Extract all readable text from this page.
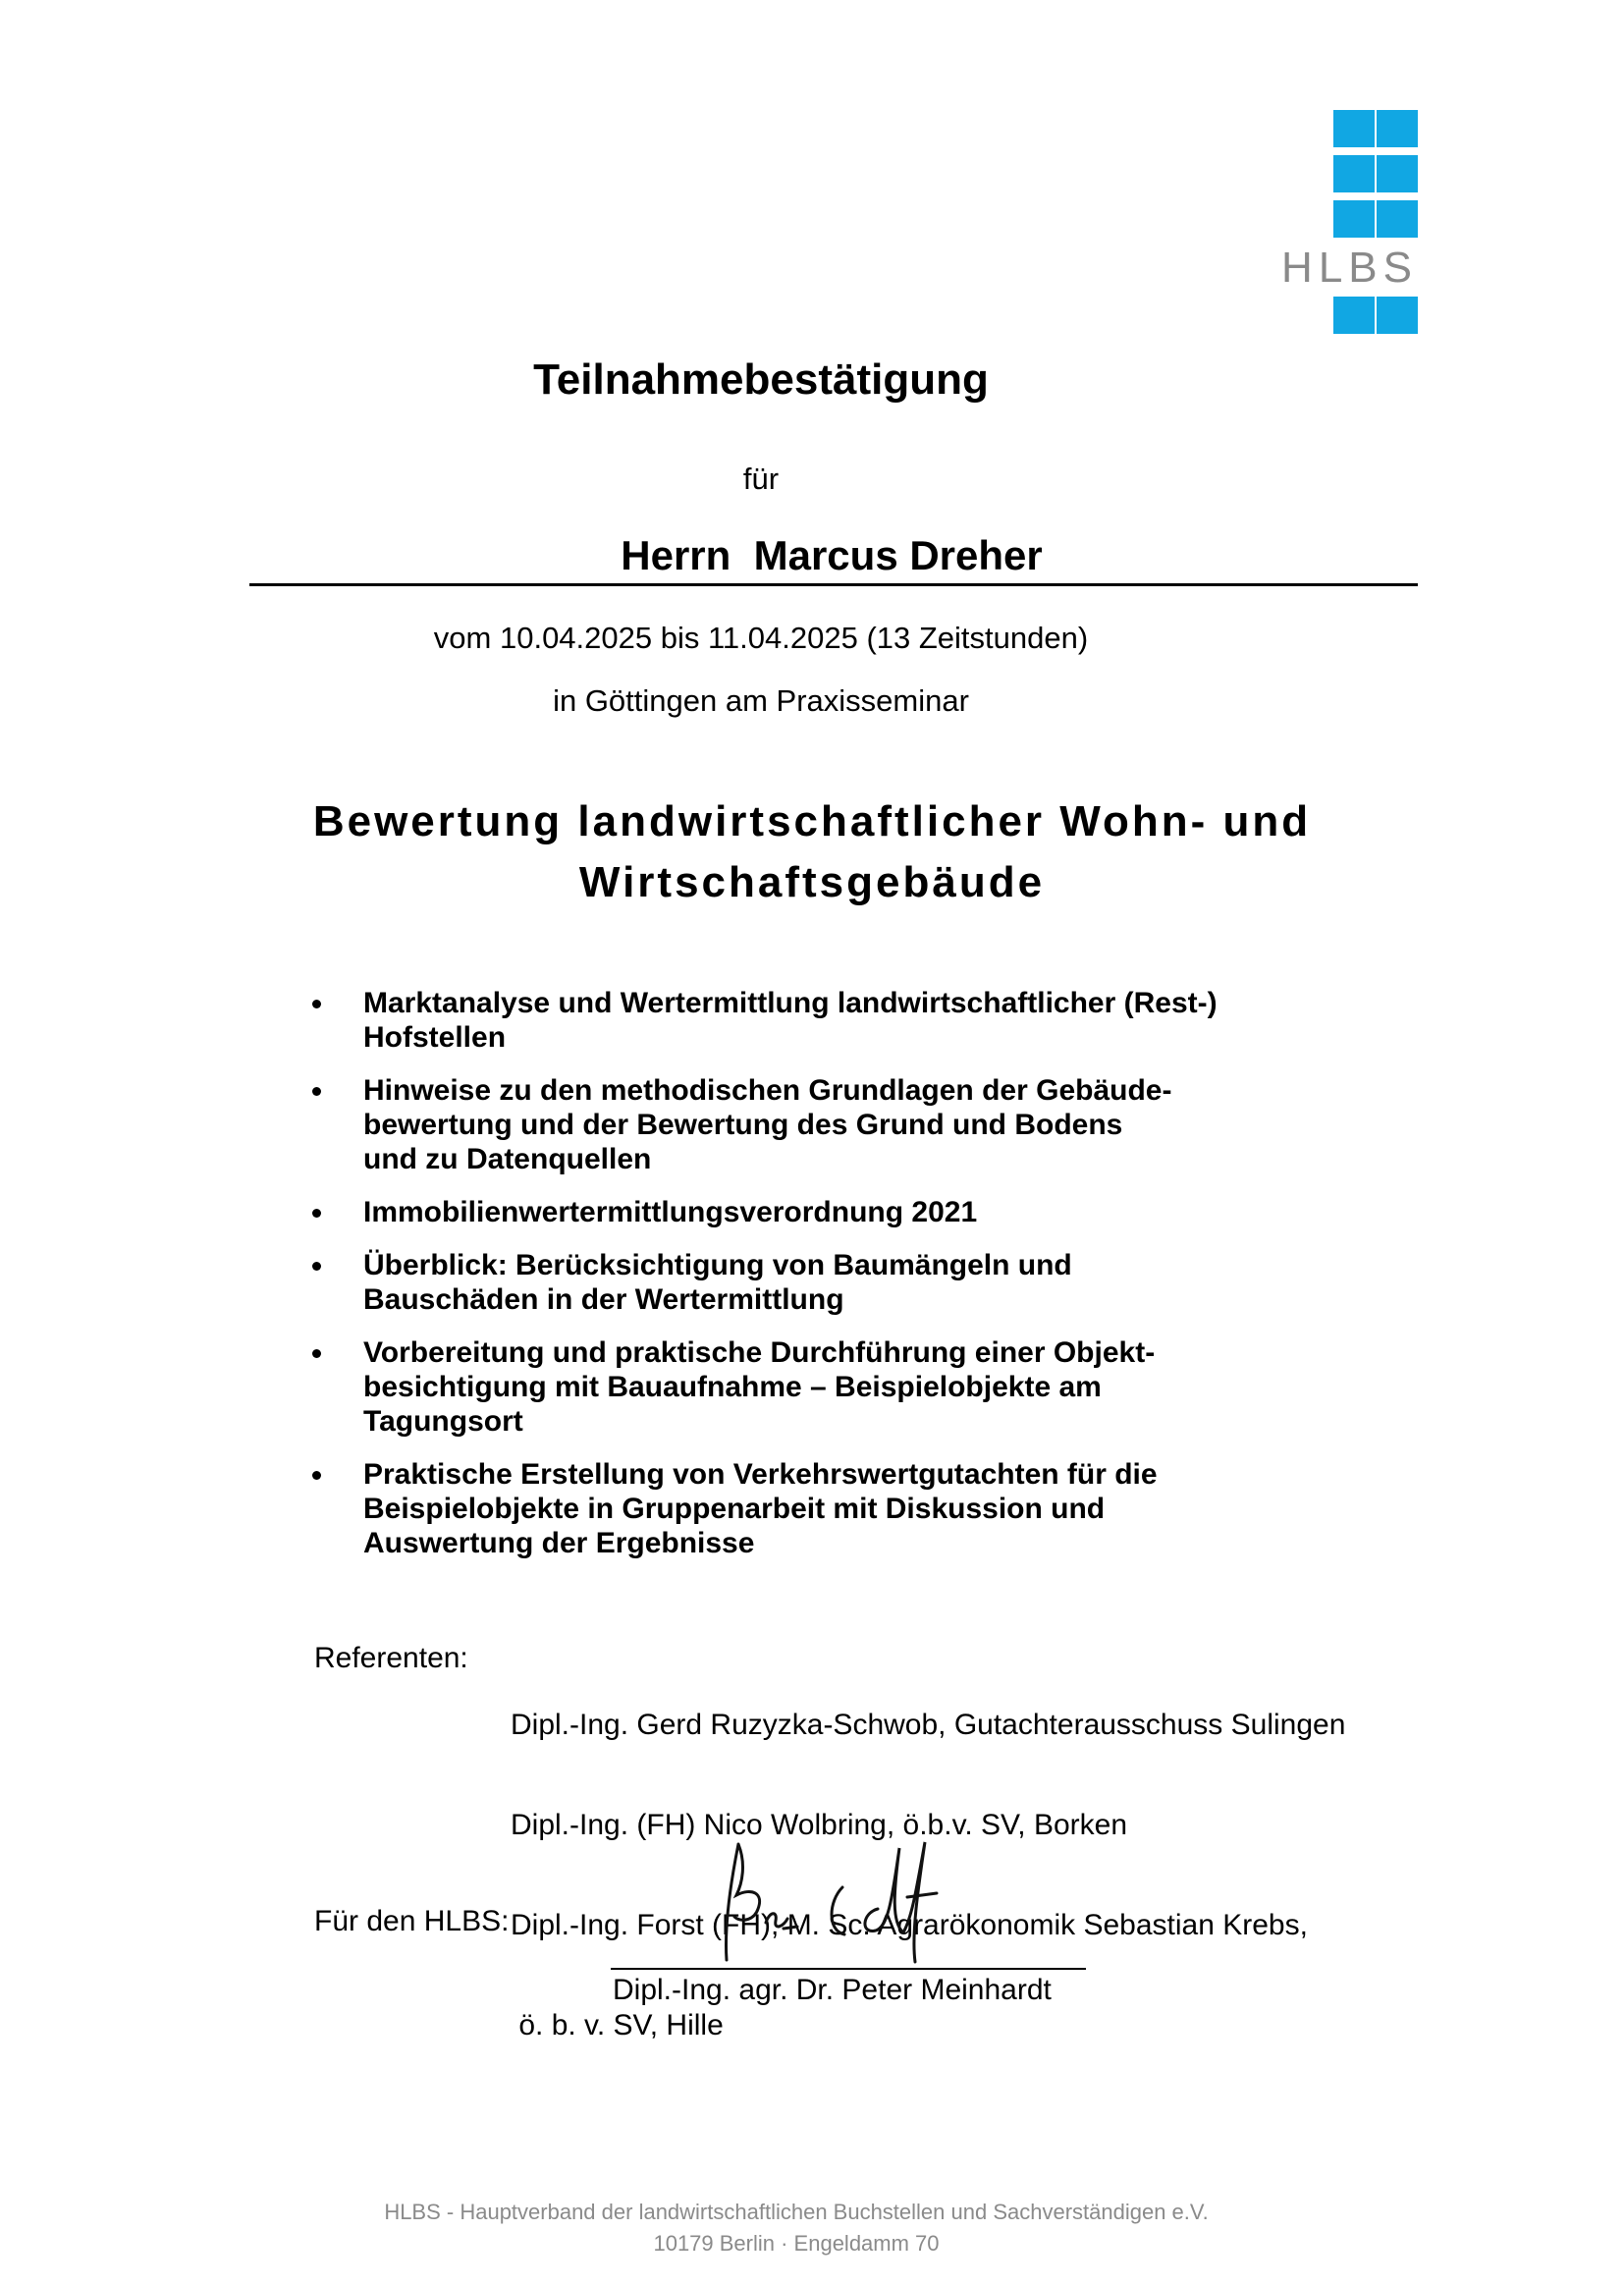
HLBS
Teilnahmebestätigung
für
Herrn  Marcus Dreher
vom 10.04.2025 bis 11.04.2025 (13 Zeitstunden)
in Göttingen am Praxisseminar
Bewertung landwirtschaftlicher Wohn- und
Wirtschaftsgebäude
Marktanalyse und Wertermittlung landwirtschaftlicher (Rest-)
Hofstellen
Hinweise zu den methodischen Grundlagen der Gebäude-
bewertung und der Bewertung des Grund und Bodens
und zu Datenquellen
Immobilienwertermittlungsverordnung 2021
Überblick: Berücksichtigung von Baumängeln und
Bauschäden in der Wertermittlung
Vorbereitung und praktische Durchführung einer Objekt-
besichtigung mit Bauaufnahme – Beispielobjekte am
Tagungsort
Praktische Erstellung von Verkehrswertgutachten für die
Beispielobjekte in Gruppenarbeit mit Diskussion und
Auswertung der Ergebnisse
Referenten:

Dipl.-Ing. Gerd Ruzyzka-Schwob, Gutachterausschuss Sulingen

Dipl.-Ing. (FH) Nico Wolbring, ö.b.v. SV, Borken

Dipl.-Ing. Forst (FH), M. Sc. Agrarökonomik Sebastian Krebs,

ö. b. v. SV, Hille

Für den HLBS:
Dipl.-Ing. agr. Dr. Peter Meinhardt
HLBS - Hauptverband der landwirtschaftlichen Buchstellen und Sachverständigen e.V.
10179 Berlin · Engeldamm 70
